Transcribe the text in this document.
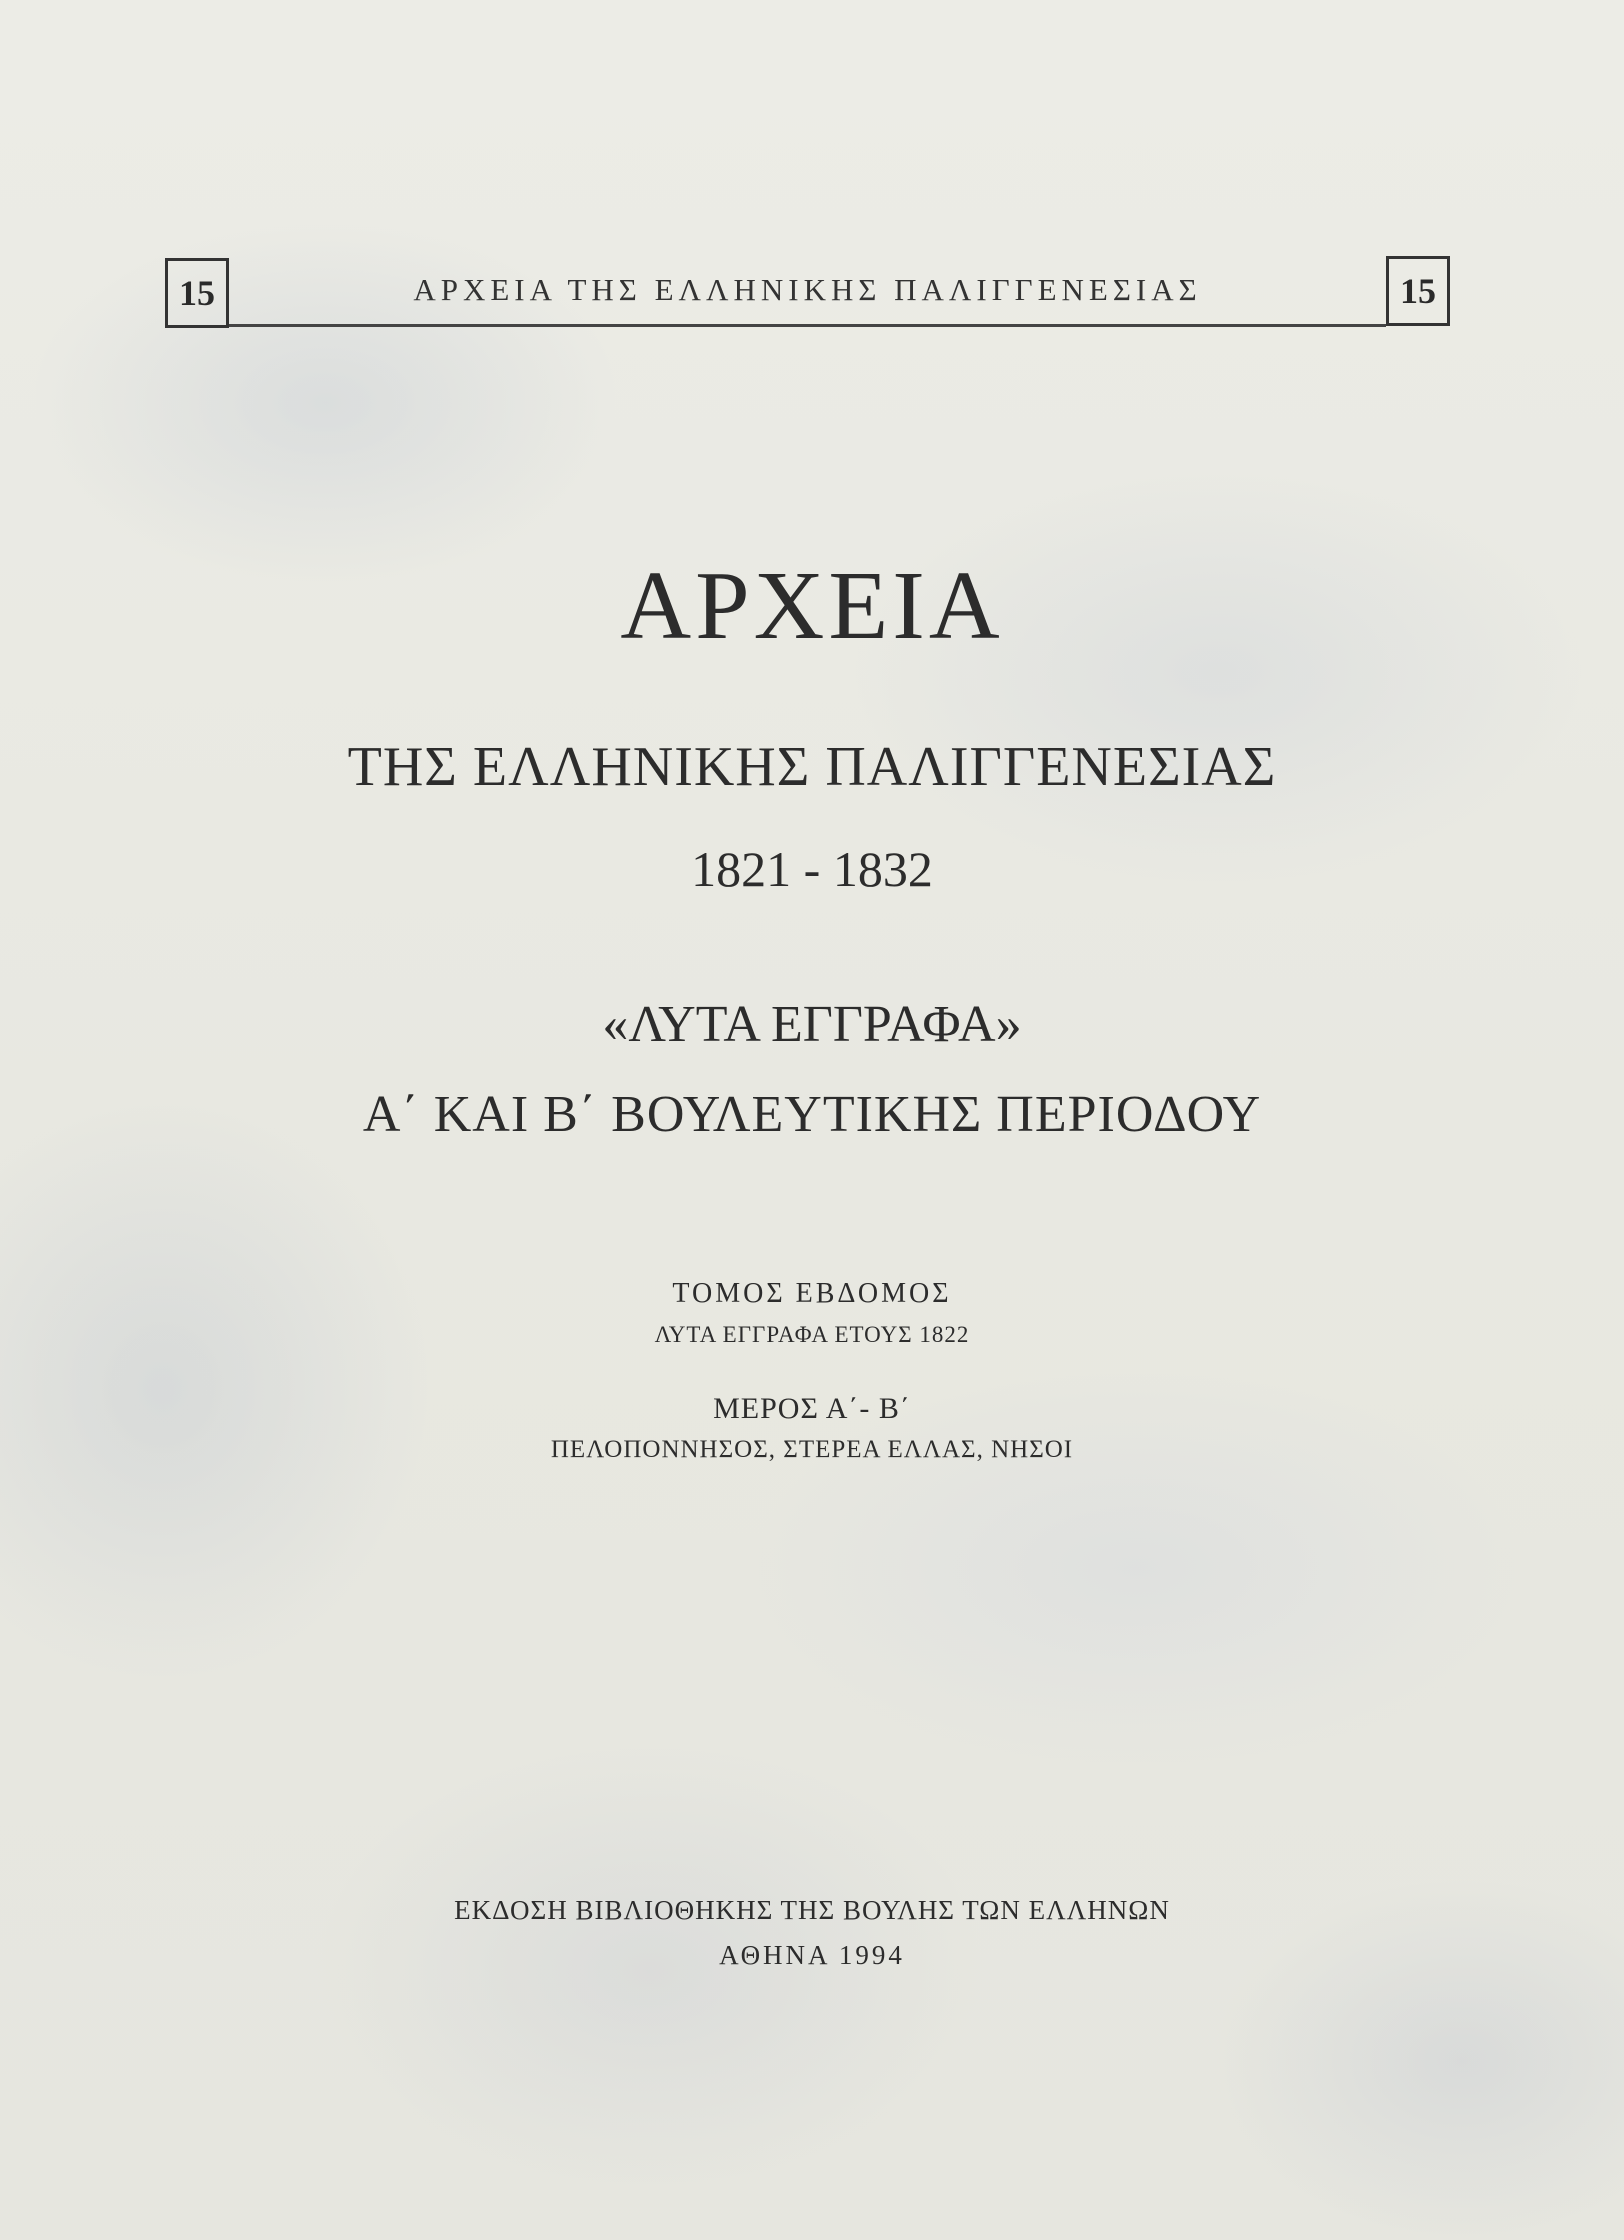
15	ΑΡΧΕΙΑ ΤΗΣ ΕΛΛΗΝΙΚΗΣ ΠΑΛΙΓΓΕΝΕΣΙΑΣ	15
ΑΡΧΕΙΑ
ΤΗΣ ΕΛΛΗΝΙΚΗΣ ΠΑΛΙΓΓΕΝΕΣΙΑΣ
1821 - 1832
«ΛΥΤΑ ΕΓΓΡΑΦΑ»
Α΄ ΚΑΙ Β΄ ΒΟΥΛΕΥΤΙΚΗΣ ΠΕΡΙΟΔΟΥ
ΤΟΜΟΣ ΕΒΔΟΜΟΣ
ΛΥΤΑ ΕΓΓΡΑΦΑ ΕΤΟΥΣ 1822
ΜΕΡΟΣ Α΄- Β΄
ΠΕΛΟΠΟΝΝΗΣΟΣ, ΣΤΕΡΕΑ ΕΛΛΑΣ, ΝΗΣΟΙ
ΕΚΔΟΣΗ ΒΙΒΛΙΟΘΗΚΗΣ ΤΗΣ ΒΟΥΛΗΣ ΤΩΝ ΕΛΛΗΝΩΝ
ΑΘΗΝΑ 1994
